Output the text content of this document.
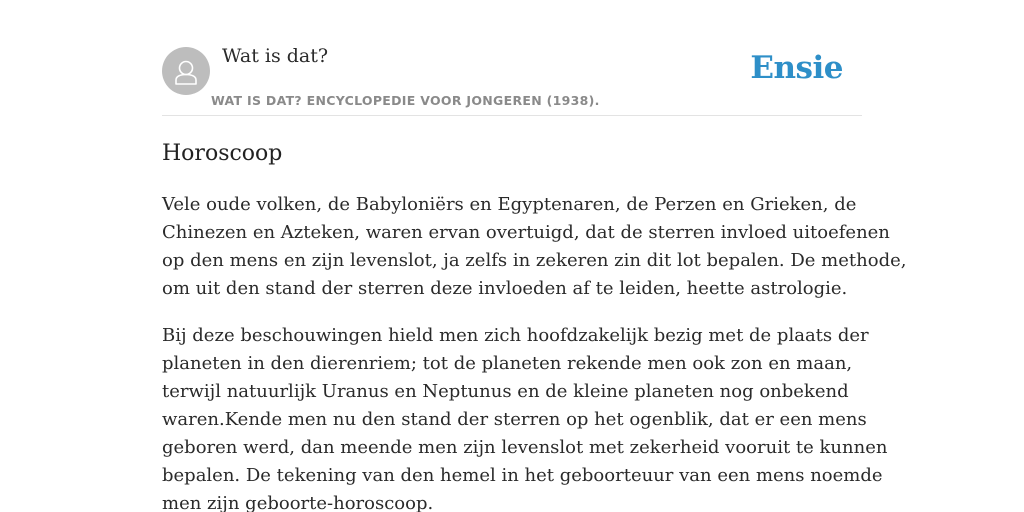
Wat is dat?
WAT IS DAT? ENCYCLOPEDIE VOOR JONGEREN (1938).
Ensie
Horoscoop

Vele oude volken, de Babyloniërs en Egyptenaren, de Perzen en Grieken, de
Chinezen en Azteken, waren ervan overtuigd, dat de sterren invloed uitoefenen
op den mens en zijn levenslot, ja zelfs in zekeren zin dit lot bepalen. De methode,
om uit den stand der sterren deze invloeden af te leiden, heette astrologie.

Bij deze beschouwingen hield men zich hoofdzakelijk bezig met de plaats der
planeten in den dierenriem; tot de planeten rekende men ook zon en maan,
terwijl natuurlijk Uranus en Neptunus en de kleine planeten nog onbekend
waren.Kende men nu den stand der sterren op het ogenblik, dat er een mens
geboren werd, dan meende men zijn levenslot met zekerheid vooruit te kunnen
bepalen. De tekening van den hemel in het geboorteuur van een mens noemde
men zijn geboorte-horoscoop.
